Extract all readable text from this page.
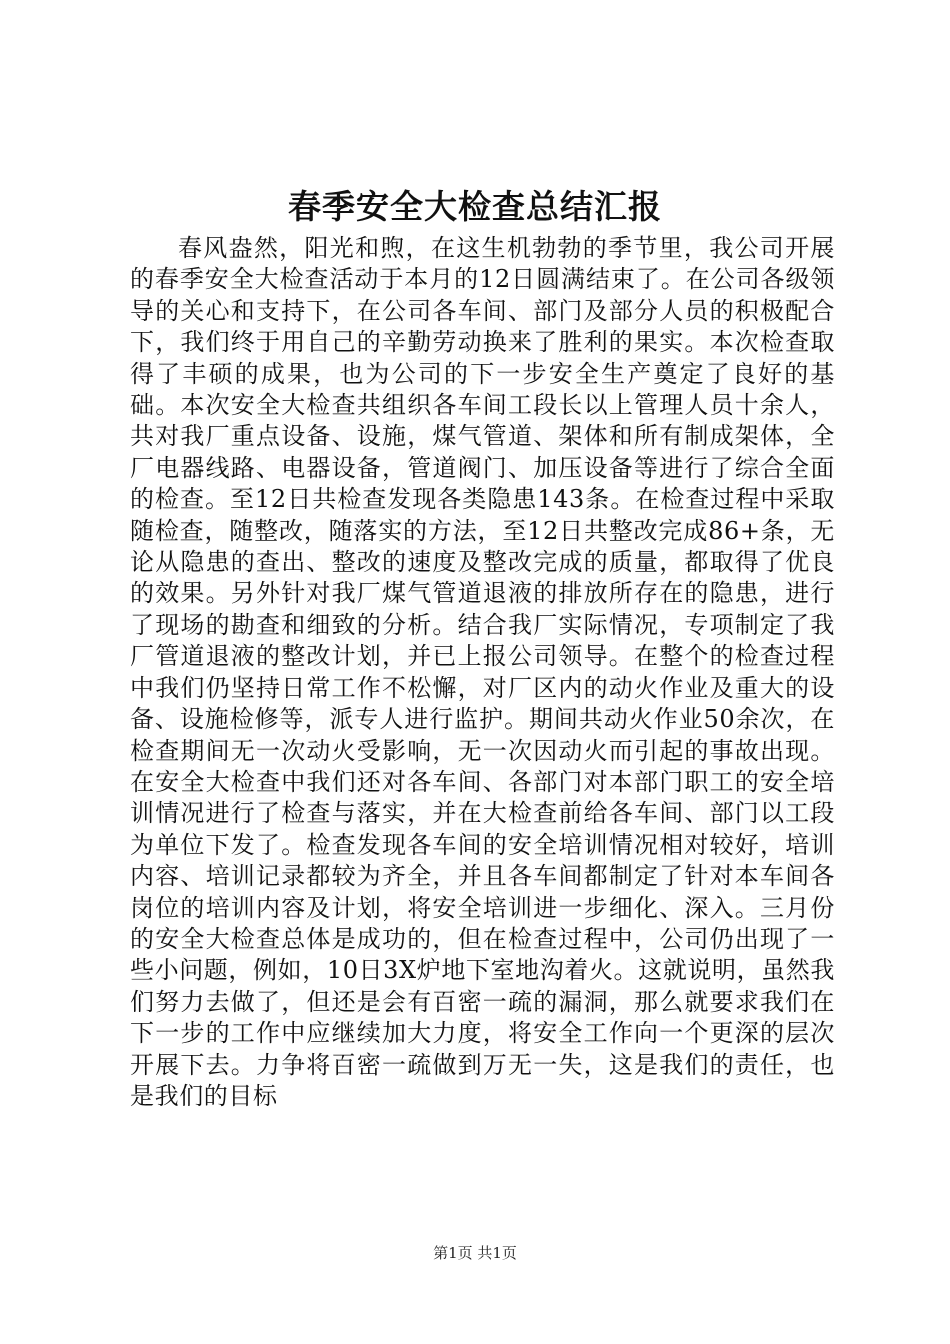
春季安全大检查总结汇报

春风盎然，阳光和煦，在这生机勃勃的季节里，我公司开展的春季安全大检查活动于本月的12日圆满结束了。在公司各级领导的关心和支持下，在公司各车间、部门及部分人员的积极配合下，我们终于用自己的辛勤劳动换来了胜利的果实。本次检查取得了丰硕的成果，也为公司的下一步安全生产奠定了良好的基础。本次安全大检查共组织各车间工段长以上管理人员十余人，共对我厂重点设备、设施，煤气管道、架体和所有制成架体，全厂电器线路、电器设备，管道阀门、加压设备等进行了综合全面的检查。至12日共检查发现各类隐患143条。在检查过程中采取随检查，随整改，随落实的方法，至12日共整改完成86+条，无论从隐患的查出、整改的速度及整改完成的质量，都取得了优良的效果。另外针对我厂煤气管道退液的排放所存在的隐患，进行了现场的勘查和细致的分析。结合我厂实际情况，专项制定了我厂管道退液的整改计划，并已上报公司领导。在整个的检查过程中我们仍坚持日常工作不松懈，对厂区内的动火作业及重大的设备、设施检修等，派专人进行监护。期间共动火作业50余次，在检查期间无一次动火受影响，无一次因动火而引起的事故出现。在安全大检查中我们还对各车间、各部门对本部门职工的安全培训情况进行了检查与落实，并在大检查前给各车间、部门以工段为单位下发了。检查发现各车间的安全培训情况相对较好，培训内容、培训记录都较为齐全，并且各车间都制定了针对本车间各岗位的培训内容及计划，将安全培训进一步细化、深入。三月份的安全大检查总体是成功的，但在检查过程中，公司仍出现了一些小问题，例如，10日3X炉地下室地沟着火。这就说明，虽然我们努力去做了，但还是会有百密一疏的漏洞，那么就要求我们在下一步的工作中应继续加大力度，将安全工作向一个更深的层次开展下去。力争将百密一疏做到万无一失，这是我们的责任，也是我们的目标

第1页 共1页
